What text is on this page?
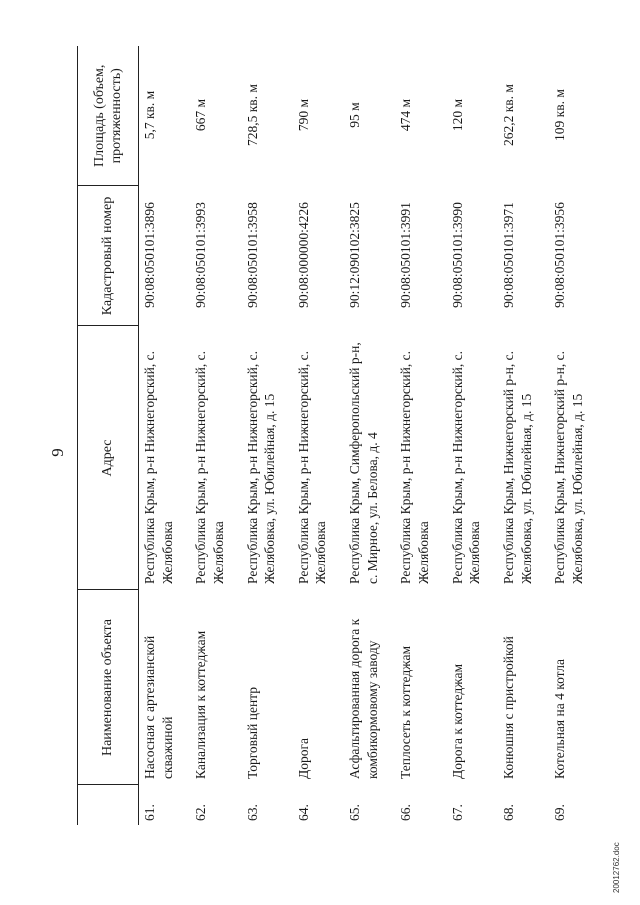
9
	Наименование объекта	Адрес	Кадастровый номер	Площадь (объем, протяженность)
61.	Насосная с артезианской скважиной	Республика Крым, р-н Нижнегорский, с. Желябовка	90:08:050101:3896	5,7 кв. м
62.	Канализация к коттеджам	Республика Крым, р-н Нижнегорский, с. Желябовка	90:08:050101:3993	667 м
63.	Торговый центр	Республика Крым, р-н Нижнегорский, с. Желябовка, ул. Юбилейная, д. 15	90:08:050101:3958	728,5 кв. м
64.	Дорога	Республика Крым, р-н Нижнегорский, с. Желябовка	90:08:000000:4226	790 м
65.	Асфальтированная дорога к комбикормовому заводу	Республика Крым, Симферопольский р-н, с. Мирное, ул. Белова, д. 4	90:12:090102:3825	95 м
66.	Теплосеть к коттеджам	Республика Крым, р-н Нижнегорский, с. Желябовка	90:08:050101:3991	474 м
67.	Дорога к коттеджам	Республика Крым, р-н Нижнегорский, с. Желябовка	90:08:050101:3990	120 м
68.	Конюшня с пристройкой	Республика Крым, Нижнегорский р-н, с. Желябовка, ул. Юбилейная, д. 15	90:08:050101:3971	262,2 кв. м
69.	Котельная на 4 котла	Республика Крым, Нижнегорский р-н, с. Желябовка, ул. Юбилейная, д. 15	90:08:050101:3956	109 кв. м
20012762.doc
